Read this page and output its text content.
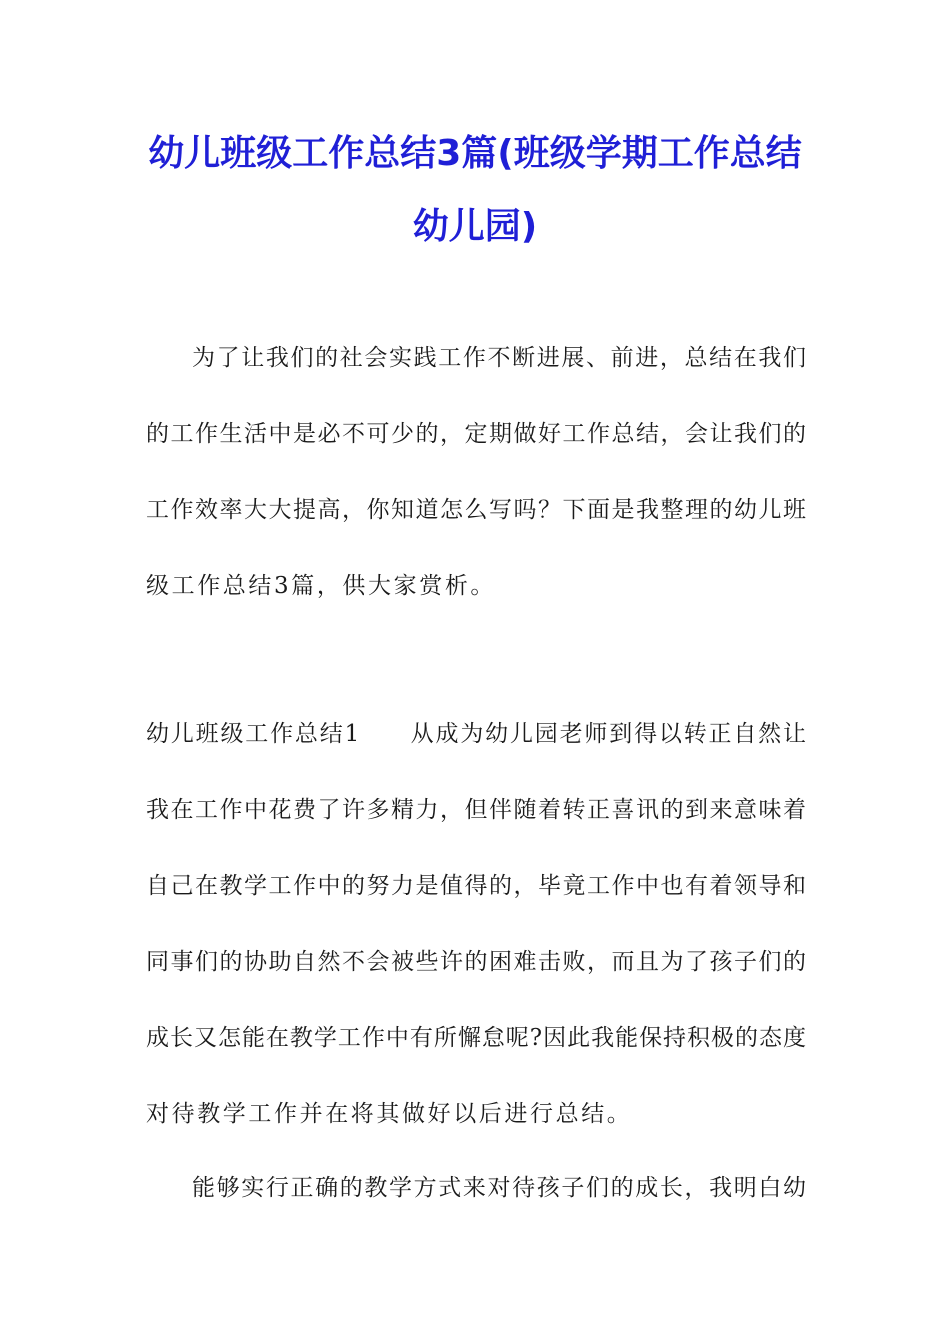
幼儿班级工作总结3篇(班级学期工作总结
幼儿园)
为了让我们的社会实践工作不断进展、前进，总结在我们
的工作生活中是必不可少的，定期做好工作总结，会让我们的
工作效率大大提高，你知道怎么写吗？下面是我整理的幼儿班
级工作总结3篇，供大家赏析。
幼儿班级工作总结1　　从成为幼儿园老师到得以转正自然让
我在工作中花费了许多精力，但伴随着转正喜讯的到来意味着
自己在教学工作中的努力是值得的，毕竟工作中也有着领导和
同事们的协助自然不会被些许的困难击败，而且为了孩子们的
成长又怎能在教学工作中有所懈怠呢?因此我能保持积极的态度
对待教学工作并在将其做好以后进行总结。
能够实行正确的教学方式来对待孩子们的成长，我明白幼
